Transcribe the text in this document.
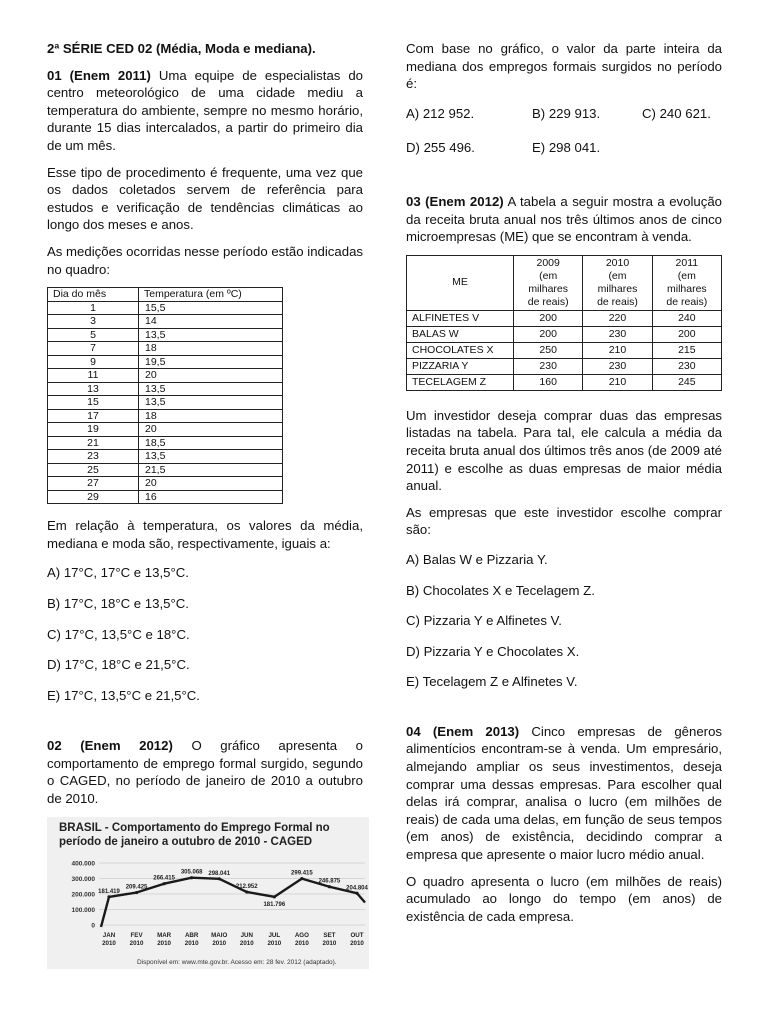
2ª SÉRIE CED 02 (Média, Moda e mediana).

01 (Enem 2011) Uma equipe de especialistas do centro meteorológico de uma cidade mediu a temperatura do ambiente, sempre no mesmo horário, durante 15 dias intercalados, a partir do primeiro dia de um mês.

Esse tipo de procedimento é frequente, uma vez que os dados coletados servem de referência para estudos e verificação de tendências climáticas ao longo dos meses e anos.

As medições ocorridas nesse período estão indicadas no quadro:

Dia do mês	Temperatura (em ºC)
1	15,5
3	14
5	13,5
7	18
9	19,5
11	20
13	13,5
15	13,5
17	18
19	20
21	18,5
23	13,5
25	21,5
27	20
29	16

Em relação à temperatura, os valores da média, mediana e moda são, respectivamente, iguais a:

A) 17°C, 17°C e 13,5°C.
B) 17°C, 18°C e 13,5°C.
C) 17°C, 13,5°C e 18°C.
D) 17°C, 18°C e 21,5°C.
E) 17°C, 13,5°C e 21,5°C.

02 (Enem 2012) O gráfico apresenta o comportamento de emprego formal surgido, segundo o CAGED, no período de janeiro de 2010 a outubro de 2010.

BRASIL - Comportamento do Emprego Formal no
período de janeiro a outubro de 2010 - CAGED
400.000
300.000
200.000
100.000
0
181.419
JAN
2010
209.425
FEV
2010
266.415
MAR
2010
305.068
ABR
2010
298.041
MAIO
2010
212.952
JUN
2010
181.796
JUL
2010
299.415
AGO
2010
246.875
SET
2010
204.804
OUT
2010
Disponível em: www.mte.gov.br. Acesso em: 28 fev. 2012 (adaptado).

Com base no gráfico, o valor da parte inteira da mediana dos empregos formais surgidos no período é:

A) 212 952.	B) 229 913.	C) 240 621.
D) 255 496.	E) 298 041.

03 (Enem 2012) A tabela a seguir mostra a evolução da receita bruta anual nos três últimos anos de cinco microempresas (ME) que se encontram à venda.

ME	2009
(em
milhares
de reais)	2010
(em
milhares
de reais)	2011
(em
milhares
de reais)
ALFINETES V	200	220	240
BALAS W	200	230	200
CHOCOLATES X	250	210	215
PIZZARIA Y	230	230	230
TECELAGEM Z	160	210	245

Um investidor deseja comprar duas das empresas listadas na tabela. Para tal, ele calcula a média da receita bruta anual dos últimos três anos (de 2009 até 2011) e escolhe as duas empresas de maior média anual.

As empresas que este investidor escolhe comprar são:

A) Balas W e Pizzaria Y.
B) Chocolates X e Tecelagem Z.
C) Pizzaria Y e Alfinetes V.
D) Pizzaria Y e Chocolates X.
E) Tecelagem Z e Alfinetes V.

04 (Enem 2013) Cinco empresas de gêneros alimentícios encontram-se à venda. Um empresário, almejando ampliar os seus investimentos, deseja comprar uma dessas empresas. Para escolher qual delas irá comprar, analisa o lucro (em milhões de reais) de cada uma delas, em função de seus tempos (em anos) de existência, decidindo comprar a empresa que apresente o maior lucro médio anual.

O quadro apresenta o lucro (em milhões de reais) acumulado ao longo do tempo (em anos) de existência de cada empresa.
